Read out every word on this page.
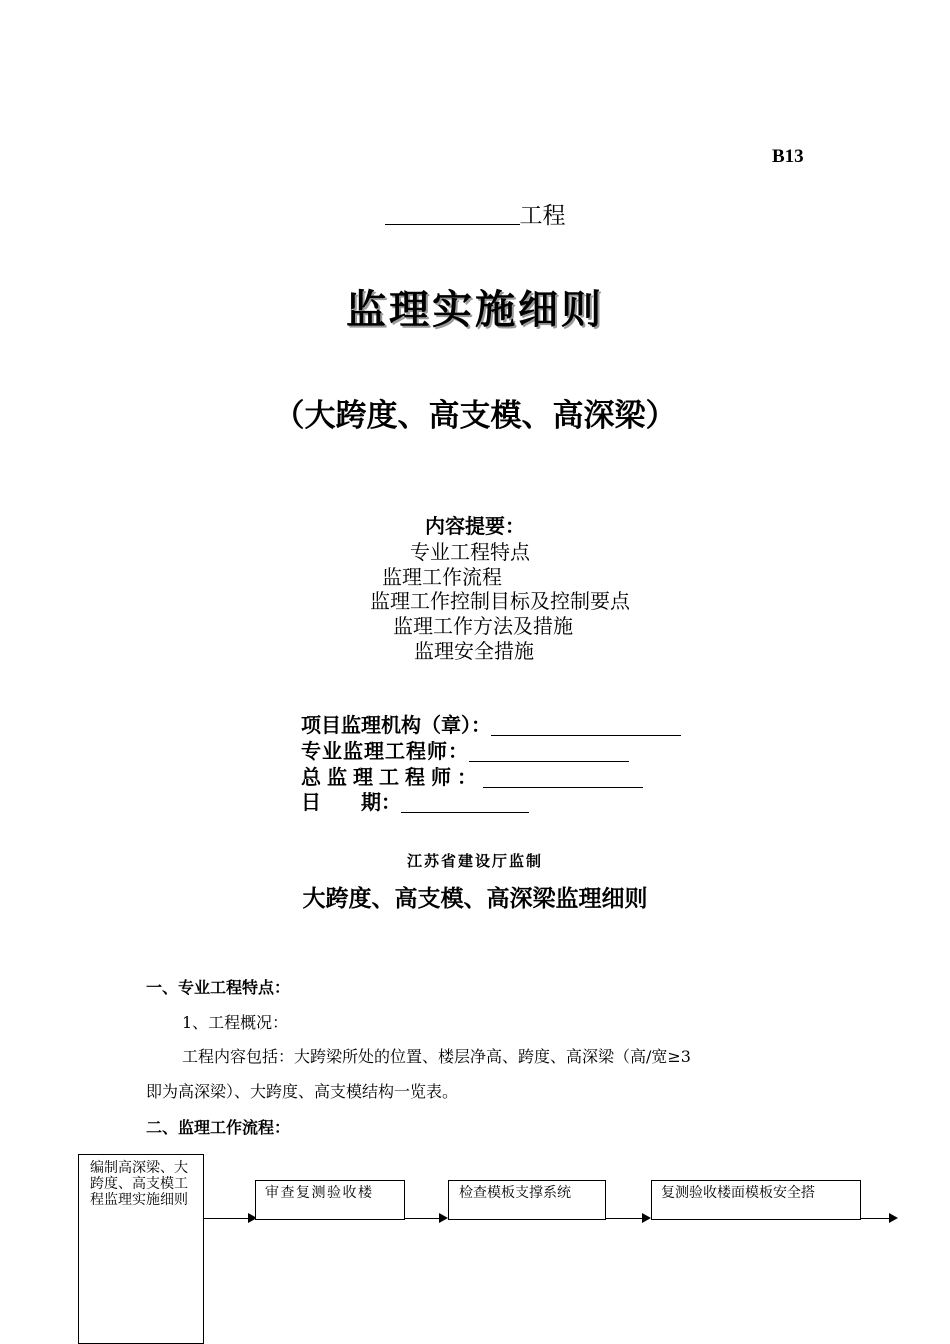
B13
工程
监理实施细则
（大跨度、高支模、高深梁）
内容提要：
专业工程特点
监理工作流程
监理工作控制目标及控制要点
监理工作方法及措施
监理安全措施
项目监理机构（章）：
专业监理工程师：
总监理工程师：
日　　期：
江苏省建设厅监制
大跨度、高支模、高深梁监理细则
一、专业工程特点：
1、工程概况：
工程内容包括：大跨梁所处的位置、楼层净高、跨度、高深梁（高/宽≥3
即为高深梁）、大跨度、高支模结构一览表。
二、监理工作流程：
编制高深梁、大跨度、高支模工程监理实施细则	审查复测验收楼	检查模板支撑系统	复测验收楼面模板安全搭
